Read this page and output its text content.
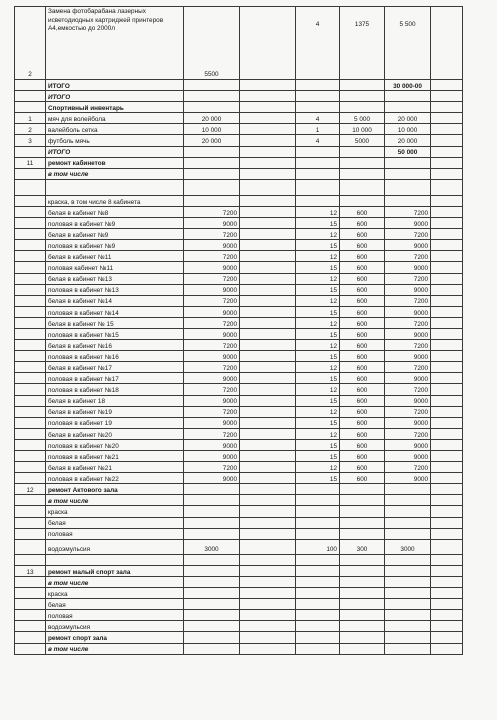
2	Замена фотобарабана лазерных исветодиодных картриджей принтеров А4,емкостью до 2000л	5500		4	1375	5 500	
	ИТОГО					30 000-00	
	ИТОГО						
	Спортивный инвентарь						
1	мяч для волейбола	20 000		4	5 000	20 000	
2	валейболь сетка	10 000		1	10 000	10 000	
3	футболь мячь	20 000		4	5000	20 000	
	ИТОГО					50 000	
11	ремонт кабинетов						
	в том числе						

	краска, в том числе 8 кабинета						
	белая в кабинет №8	7200		12	600	7200	
	половая в кабинет №9	9000		15	600	9000	
	белая в кабинет №9	7200		12	600	7200	
	половая в кабинет №9	9000		15	600	9000	
	белая в кабинет №11	7200		12	600	7200	
	половая кабинет №11	9000		15	600	9000	
	белая в кабинет №13	7200		12	600	7200	
	половая в кабинет №13	9000		15	600	9000	
	белая в кабинет №14	7200		12	600	7200	
	половая в кабинет №14	9000		15	600	9000	
	белая в кабинет № 15	7200		12	600	7200	
	половая в кабинет №15	9000		15	600	9000	
	белая в кабинет №16	7200		12	600	7200	
	половая в кабинет №16	9000		15	600	9000	
	белая в кабинет №17	7200		12	600	7200	
	половая в кабинет №17	9000		15	600	9000	
	половая в кабинет №18	7200		12	600	7200	
	белая в кабинет 18	9000		15	600	9000	
	белая в кабинет №19	7200		12	600	7200	
	половая в кабинет 19	9000		15	600	9000	
	белая в кабинет №20	7200		12	600	7200	
	половая в кабинет №20	9000		15	600	9000	
	половая в кабинет №21	9000		15	600	9000	
	белая в кабинет №21	7200		12	600	7200	
	половая в кабинет №22	9000		15	600	9000	
12	ремонт Актового зала						
	в том числе						
	краска						
	белая						
	половая						
	водоэмульсия	3000		100	300	3000	

13	ремонт малый спорт зала						
	в том числе						
	краска						
	белая						
	половая						
	водоэмульсия						
	ремонт спорт зала						
	в том числе						
